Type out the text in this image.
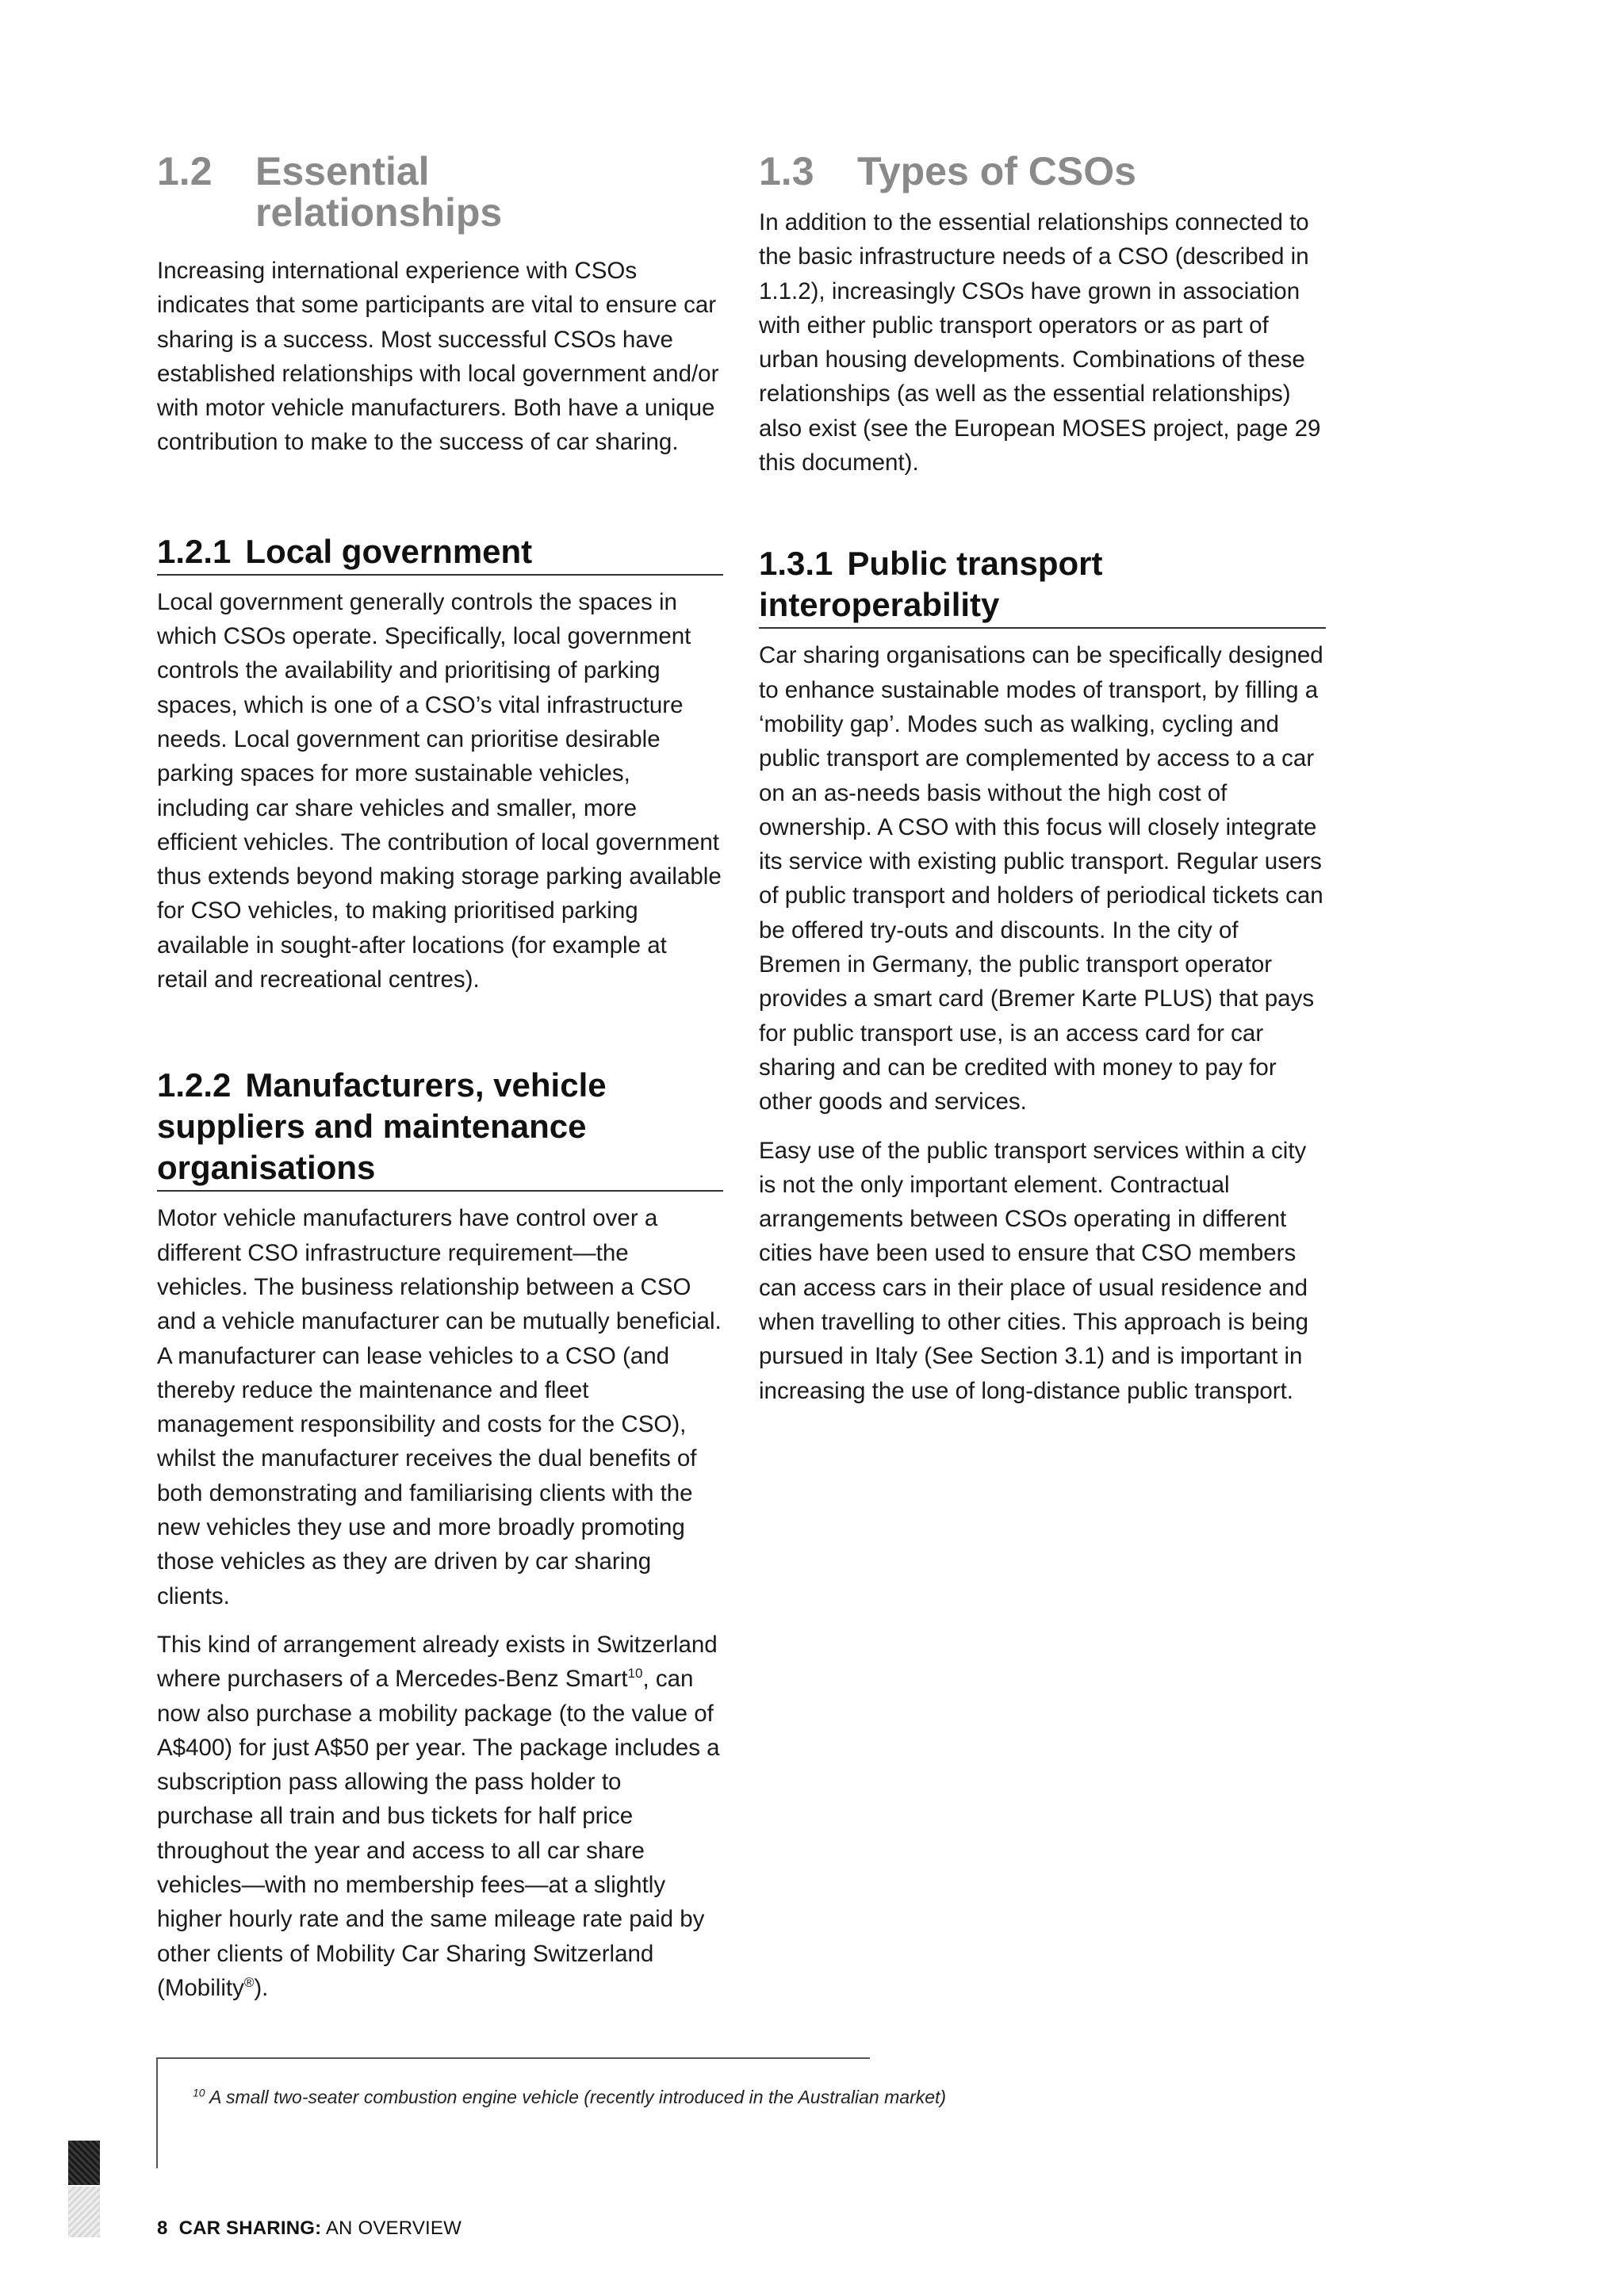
1.2	Essential
relationships

Increasing international experience with CSOs indicates that some participants are vital to ensure car sharing is a success. Most successful CSOs have established relationships with local government and/or with motor vehicle manufacturers. Both have a unique contribution to make to the success of car sharing.

1.2.1 Local government

Local government generally controls the spaces in which CSOs operate. Specifically, local government controls the availability and prioritising of parking spaces, which is one of a CSO’s vital infrastructure needs. Local government can prioritise desirable parking spaces for more sustainable vehicles, including car share vehicles and smaller, more efficient vehicles. The contribution of local government thus extends beyond making storage parking available for CSO vehicles, to making prioritised parking available in sought-after locations (for example at retail and recreational centres).

1.2.2 Manufacturers, vehicle suppliers and maintenance organisations

Motor vehicle manufacturers have control over a different CSO infrastructure requirement—the vehicles. The business relationship between a CSO and a vehicle manufacturer can be mutually beneficial. A manufacturer can lease vehicles to a CSO (and thereby reduce the maintenance and fleet management responsibility and costs for the CSO), whilst the manufacturer receives the dual benefits of both demonstrating and familiarising clients with the new vehicles they use and more broadly promoting those vehicles as they are driven by car sharing clients.

This kind of arrangement already exists in Switzerland where purchasers of a Mercedes-Benz Smart$^{10}$, can now also purchase a mobility package (to the value of A$400) for just A$50 per year. The package includes a subscription pass allowing the pass holder to purchase all train and bus tickets for half price throughout the year and access to all car share vehicles—with no membership fees—at a slightly higher hourly rate and the same mileage rate paid by other clients of Mobility Car Sharing Switzerland (Mobility®).

1.3	Types of CSOs

In addition to the essential relationships connected to the basic infrastructure needs of a CSO (described in 1.1.2), increasingly CSOs have grown in association with either public transport operators or as part of urban housing developments. Combinations of these relationships (as well as the essential relationships) also exist (see the European MOSES project, page 29 this document).

1.3.1 Public transport interoperability

Car sharing organisations can be specifically designed to enhance sustainable modes of transport, by filling a ‘mobility gap’. Modes such as walking, cycling and public transport are complemented by access to a car on an as-needs basis without the high cost of ownership. A CSO with this focus will closely integrate its service with existing public transport. Regular users of public transport and holders of periodical tickets can be offered try-outs and discounts. In the city of Bremen in Germany, the public transport operator provides a smart card (Bremer Karte PLUS) that pays for public transport use, is an access card for car sharing and can be credited with money to pay for other goods and services.

Easy use of the public transport services within a city is not the only important element. Contractual arrangements between CSOs operating in different cities have been used to ensure that CSO members can access cars in their place of usual residence and when travelling to other cities. This approach is being pursued in Italy (See Section 3.1) and is important in increasing the use of long-distance public transport.

$^{10}$ A small two-seater combustion engine vehicle (recently introduced in the Australian market)
8 CAR SHARING: AN OVERVIEW
